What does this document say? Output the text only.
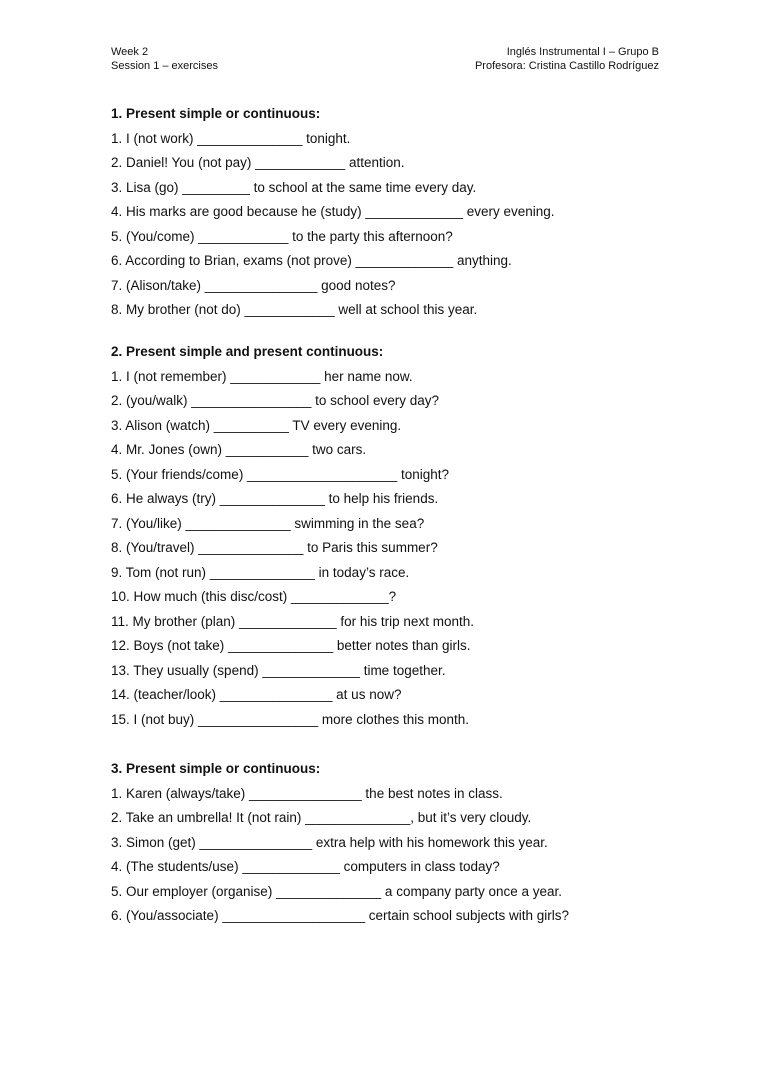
Week 2
Session 1 – exercises
Inglés Instrumental I – Grupo B
Profesora: Cristina Castillo Rodríguez
1. Present simple or continuous:
1. I (not work) ______________ tonight.
2. Daniel! You (not pay) ____________ attention.
3. Lisa (go) _________ to school at the same time every day.
4. His marks are good because he (study) _____________ every evening.
5. (You/come) ____________ to the party this afternoon?
6. According to Brian, exams (not prove) _____________ anything.
7. (Alison/take) _______________ good notes?
8. My brother (not do) ____________ well at school this year.
2. Present simple and present continuous:
1. I (not remember) ____________ her name now.
2. (you/walk) ________________ to school every day?
3. Alison (watch) __________ TV every evening.
4. Mr. Jones (own) ___________ two cars.
5. (Your friends/come) ____________________ tonight?
6. He always (try) ______________ to help his friends.
7. (You/like) ______________ swimming in the sea?
8. (You/travel) ______________ to Paris this summer?
9. Tom (not run) ______________ in today’s race.
10. How much (this disc/cost) _____________?
11. My brother (plan) _____________ for his trip next month.
12. Boys (not take) ______________ better notes than girls.
13. They usually (spend) _____________ time together.
14. (teacher/look) _______________ at us now?
15. I (not buy) ________________ more clothes this month.
3. Present simple or continuous:
1. Karen (always/take) _______________ the best notes in class.
2. Take an umbrella! It (not rain) ______________, but it’s very cloudy.
3. Simon (get) _______________ extra help with his homework this year.
4. (The students/use) _____________ computers in class today?
5. Our employer (organise) ______________ a company party once a year.
6. (You/associate) ___________________ certain school subjects with girls?
